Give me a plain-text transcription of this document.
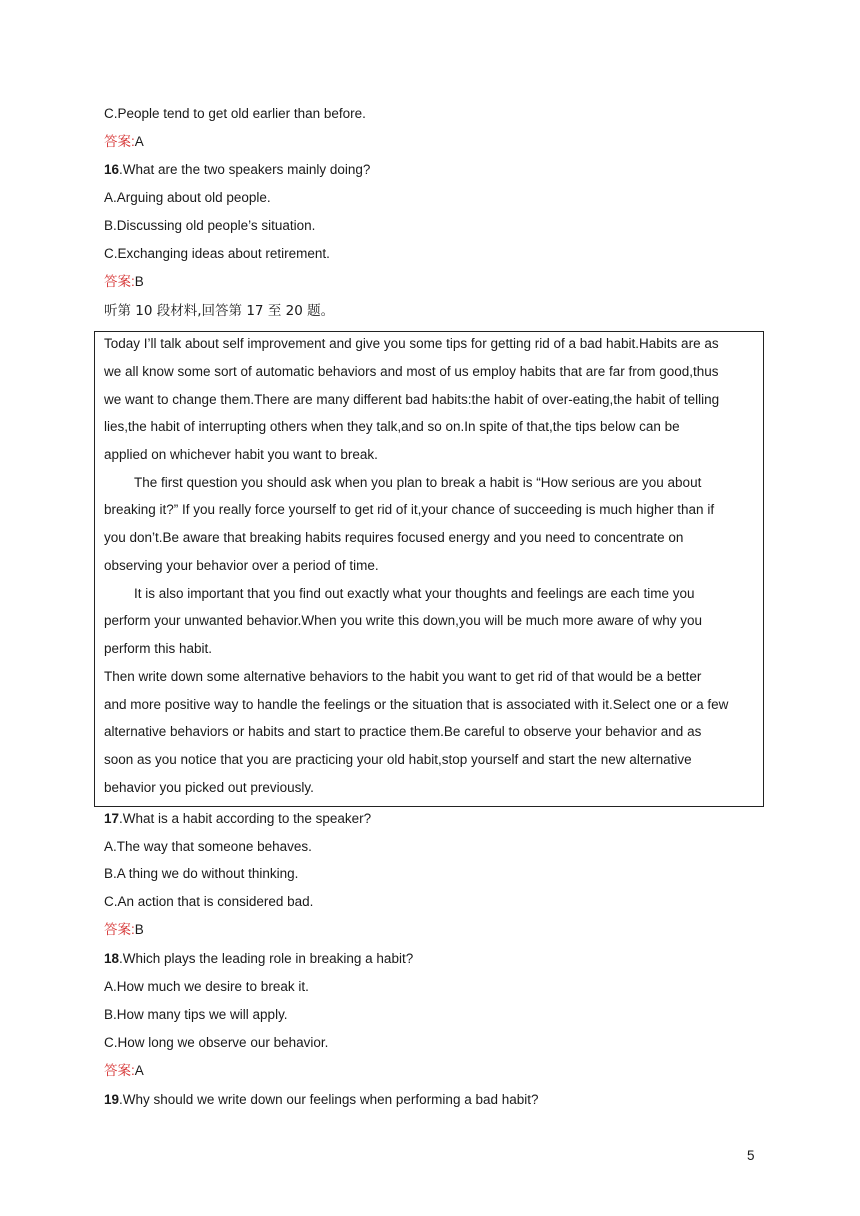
C.People tend to get old earlier than before.
答案:A
16.What are the two speakers mainly doing?
A.Arguing about old people.
B.Discussing old people’s situation.
C.Exchanging ideas about retirement.
答案:B
听第 10 段材料,回答第 17 至 20 题。
Today I’ll talk about self improvement and give you some tips for getting rid of a bad habit.Habits are as
we all know some sort of automatic behaviors and most of us employ habits that are far from good,thus
we want to change them.There are many different bad habits:the habit of over-eating,the habit of telling
lies,the habit of interrupting others when they talk,and so on.In spite of that,the tips below can be
applied on whichever habit you want to break.
The first question you should ask when you plan to break a habit is “How serious are you about
breaking it?” If you really force yourself to get rid of it,your chance of succeeding is much higher than if
you don’t.Be aware that breaking habits requires focused energy and you need to concentrate on
observing your behavior over a period of time.
It is also important that you find out exactly what your thoughts and feelings are each time you
perform your unwanted behavior.When you write this down,you will be much more aware of why you
perform this habit.
Then write down some alternative behaviors to the habit you want to get rid of that would be a better
and more positive way to handle the feelings or the situation that is associated with it.Select one or a few
alternative behaviors or habits and start to practice them.Be careful to observe your behavior and as
soon as you notice that you are practicing your old habit,stop yourself and start the new alternative
behavior you picked out previously.
17.What is a habit according to the speaker?
A.The way that someone behaves.
B.A thing we do without thinking.
C.An action that is considered bad.
答案:B
18.Which plays the leading role in breaking a habit?
A.How much we desire to break it.
B.How many tips we will apply.
C.How long we observe our behavior.
答案:A
19.Why should we write down our feelings when performing a bad habit?
5
